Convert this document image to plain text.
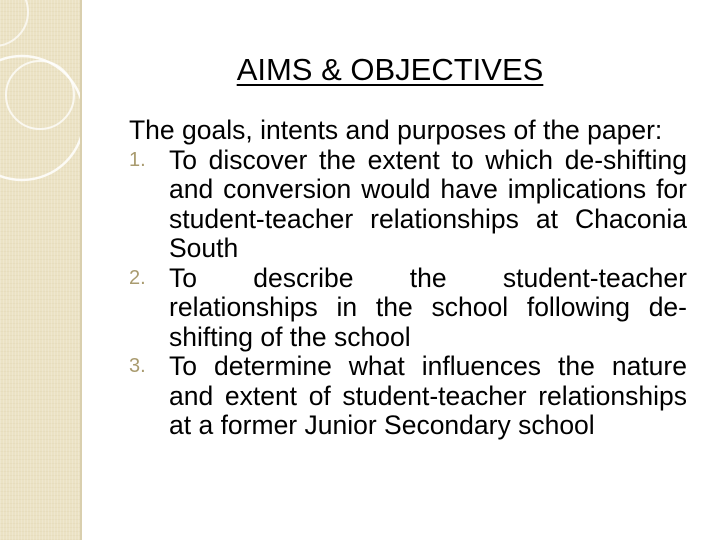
AIMS & OBJECTIVES
The goals, intents and purposes of the paper:
1. To discover the extent to which de-shifting and conversion would have implications for student-teacher relationships at Chaconia South
2. To describe the student-teacher relationships in the school following de-shifting of the school
3. To determine what influences the nature and extent of student-teacher relationships at a former Junior Secondary school
